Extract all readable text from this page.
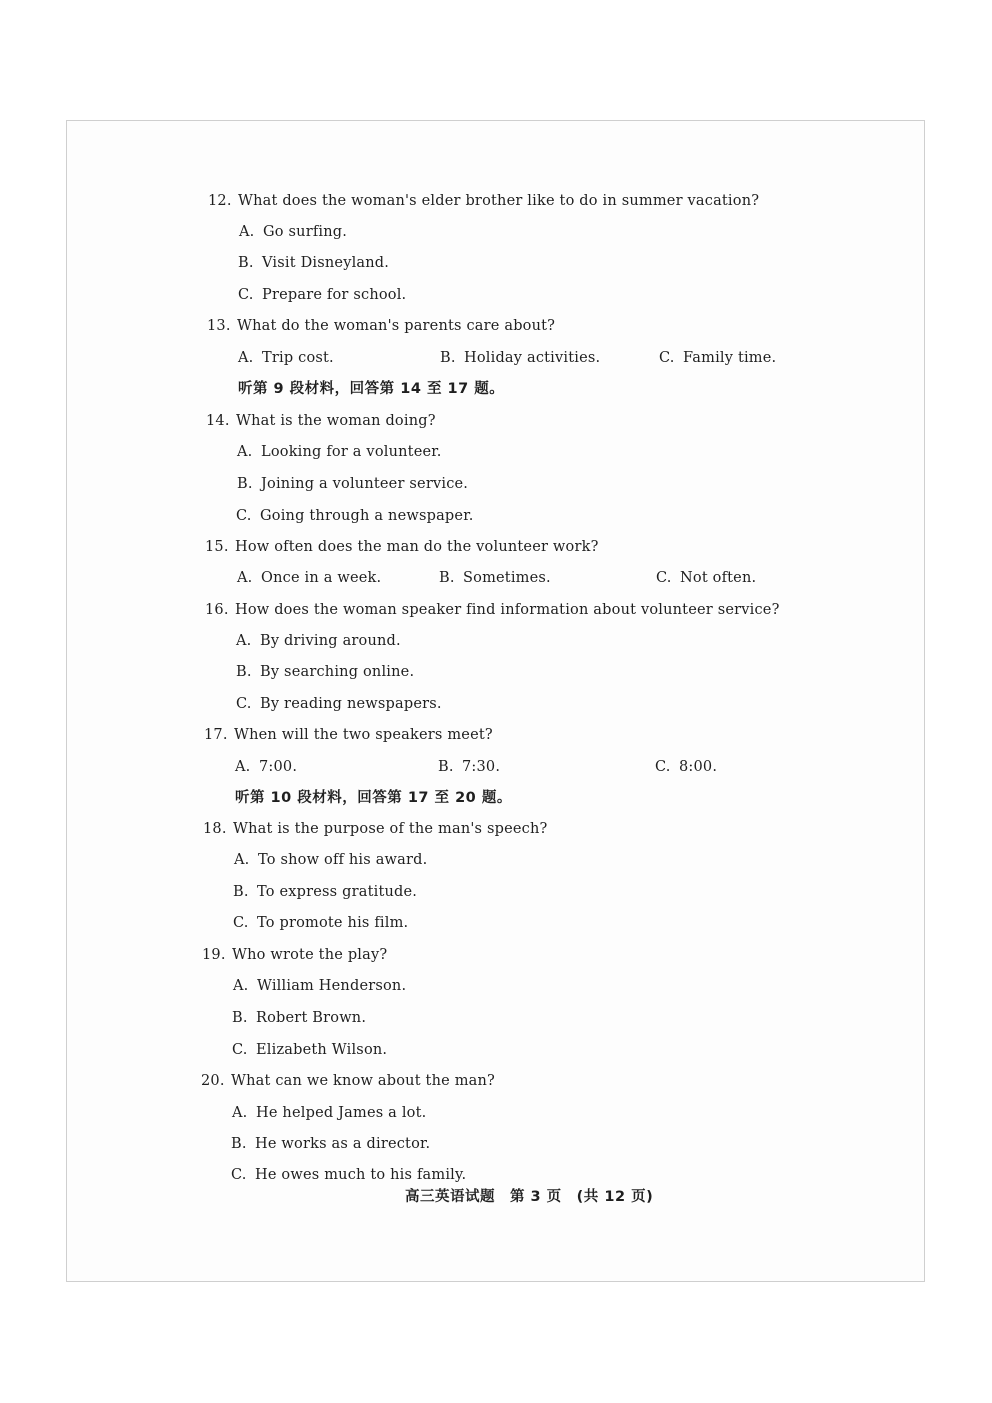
12. What does the woman's elder brother like to do in summer vacation?
A. Go surfing.
B. Visit Disneyland.
C. Prepare for school.
13. What do the woman's parents care about?
A. Trip cost.	B. Holiday activities.	C. Family time.
听第 9 段材料，回答第 14 至 17 题。
14. What is the woman doing?
A. Looking for a volunteer.
B. Joining a volunteer service.
C. Going through a newspaper.
15. How often does the man do the volunteer work?
A. Once in a week.	B. Sometimes.	C. Not often.
16. How does the woman speaker find information about volunteer service?
A. By driving around.
B. By searching online.
C. By reading newspapers.
17. When will the two speakers meet?
A. 7:00.	B. 7:30.	C. 8:00.
听第 10 段材料，回答第 17 至 20 题。
18. What is the purpose of the man's speech?
A. To show off his award.
B. To express gratitude.
C. To promote his film.
19. Who wrote the play?
A. William Henderson.
B. Robert Brown.
C. Elizabeth Wilson.
20. What can we know about the man?
A. He helped James a lot.
B. He works as a director.
C. He owes much to his family.
高三英语试题　第 3 页　(共 12 页)
